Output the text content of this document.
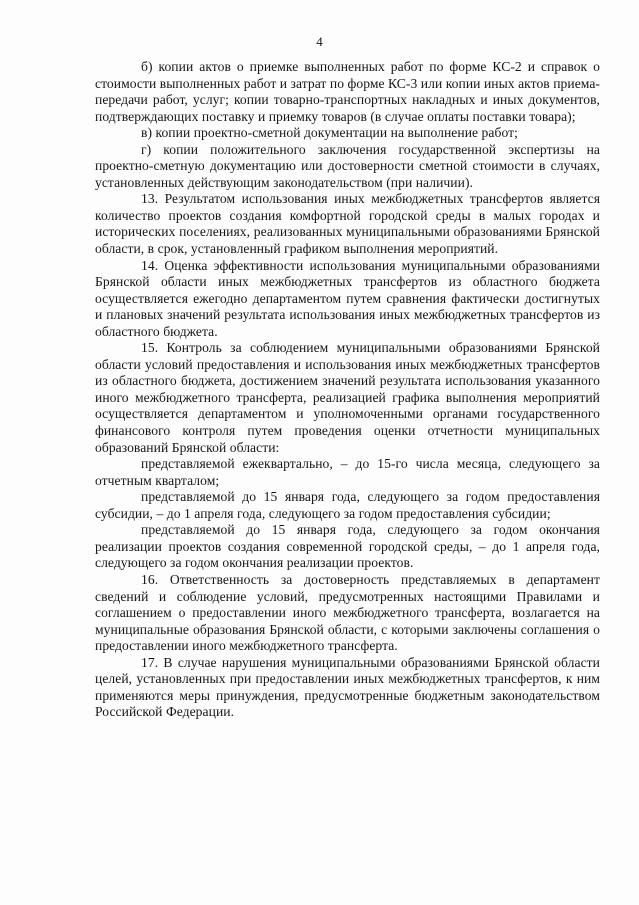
4

б) копии актов о приемке выполненных работ по форме КС-2 и справок о стоимости выполненных работ и затрат по форме КС-3 или копии иных актов приема-передачи работ, услуг; копии товарно-транспортных накладных и иных документов, подтверждающих поставку и приемку товаров (в случае оплаты поставки товара);

в) копии проектно-сметной документации на выполнение работ;

г) копии положительного заключения государственной экспертизы на проектно-сметную документацию или достоверности сметной стоимости в случаях, установленных действующим законодательством (при наличии).

13. Результатом использования иных межбюджетных трансфертов является количество проектов создания комфортной городской среды в малых городах и исторических поселениях, реализованных муниципальными образованиями Брянской области, в срок, установленный графиком выполнения мероприятий.

14. Оценка эффективности использования муниципальными образованиями Брянской области иных межбюджетных трансфертов из областного бюджета осуществляется ежегодно департаментом путем сравнения фактически достигнутых и плановых значений результата использования иных межбюджетных трансфертов из областного бюджета.

15. Контроль за соблюдением муниципальными образованиями Брянской области условий предоставления и использования иных межбюджетных трансфертов из областного бюджета, достижением значений результата использования указанного иного межбюджетного трансферта, реализацией графика выполнения мероприятий осуществляется департаментом и уполномоченными органами государственного финансового контроля путем проведения оценки отчетности муниципальных образований Брянской области:

представляемой ежеквартально, – до 15-го числа месяца, следующего за отчетным кварталом;

представляемой до 15 января года, следующего за годом предоставления субсидии, – до 1 апреля года, следующего за годом предоставления субсидии;

представляемой до 15 января года, следующего за годом окончания реализации проектов создания современной городской среды, – до 1 апреля года, следующего за годом окончания реализации проектов.

16. Ответственность за достоверность представляемых в департамент сведений и соблюдение условий, предусмотренных настоящими Правилами и соглашением о предоставлении иного межбюджетного трансферта, возлагается на муниципальные образования Брянской области, с которыми заключены соглашения о предоставлении иного межбюджетного трансферта.

17. В случае нарушения муниципальными образованиями Брянской области целей, установленных при предоставлении иных межбюджетных трансфертов, к ним применяются меры принуждения, предусмотренные бюджетным законодательством Российской Федерации.
